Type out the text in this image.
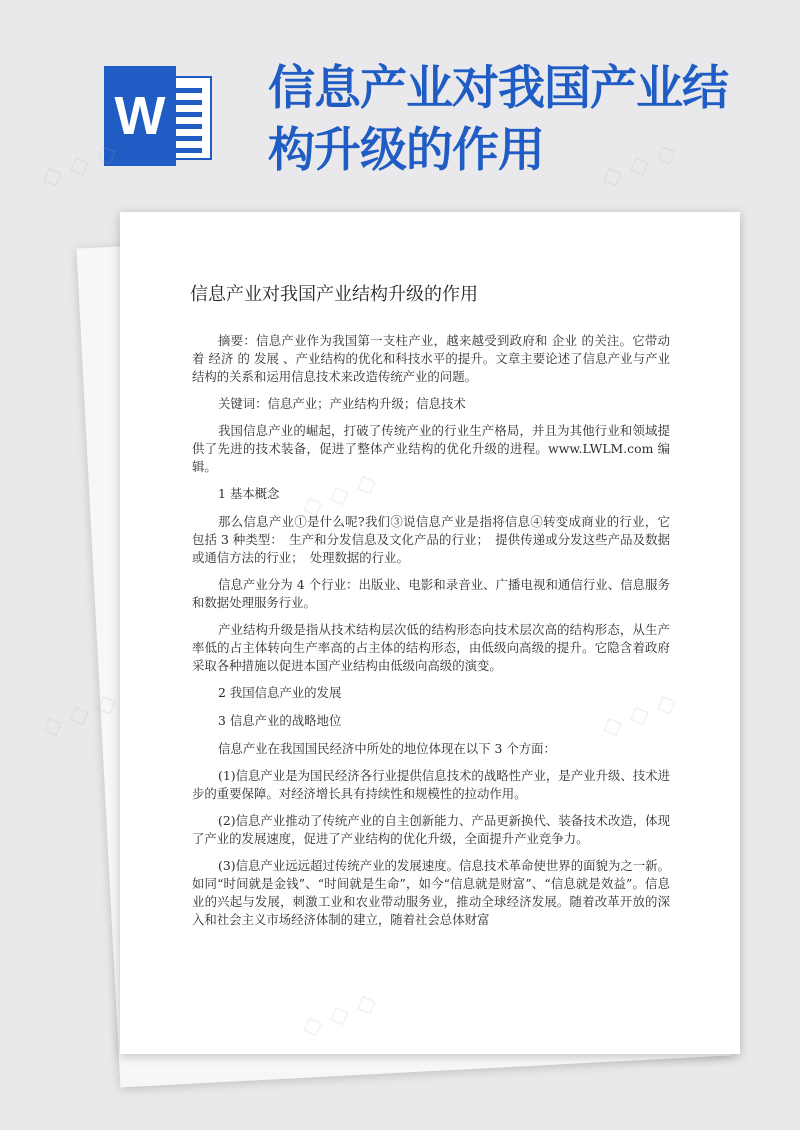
W 信息产业对我国产业结构升级的作用
信息产业对我国产业结构升级的作用

摘要：信息产业作为我国第一支柱产业，越来越受到政府和 企业 的关注。它带动着 经济 的 发展 、产业结构的优化和科技水平的提升。文章主要论述了信息产业与产业结构的关系和运用信息技术来改造传统产业的问题。

关键词：信息产业；产业结构升级；信息技术

我国信息产业的崛起，打破了传统产业的行业生产格局，并且为其他行业和领域提供了先进的技术装备，促进了整体产业结构的优化升级的进程。www.LWLM.com 编辑。

1 基本概念

那么信息产业①是什么呢?我们③说信息产业是指将信息④转变成商业的行业，它包括 3 种类型：　生产和分发信息及文化产品的行业；　提供传递或分发这些产品及数据或通信方法的行业；　处理数据的行业。

信息产业分为 4 个行业：出版业、电影和录音业、广播电视和通信行业、信息服务和数据处理服务行业。

产业结构升级是指从技术结构层次低的结构形态向技术层次高的结构形态，从生产率低的占主体转向生产率高的占主体的结构形态，由低级向高级的提升。它隐含着政府采取各种措施以促进本国产业结构由低级向高级的演变。

2 我国信息产业的发展

3 信息产业的战略地位

信息产业在我国国民经济中所处的地位体现在以下 3 个方面：

(1)信息产业是为国民经济各行业提供信息技术的战略性产业，是产业升级、技术进步的重要保障。对经济增长具有持续性和规模性的拉动作用。

(2)信息产业推动了传统产业的自主创新能力、产品更新换代、装备技术改造，体现了产业的发展速度，促进了产业结构的优化升级，全面提升产业竞争力。

(3)信息产业远远超过传统产业的发展速度。信息技术革命使世界的面貌为之一新。如同“时间就是金钱”、“时间就是生命”，如今“信息就是财富”、“信息就是效益”。信息业的兴起与发展，刺激工业和农业带动服务业，推动全球经济发展。随着改革开放的深入和社会主义市场经济体制的建立，随着社会总体财富

◇ ◇ ◇	◇ ◇ ◇
◇ ◇ ◇
